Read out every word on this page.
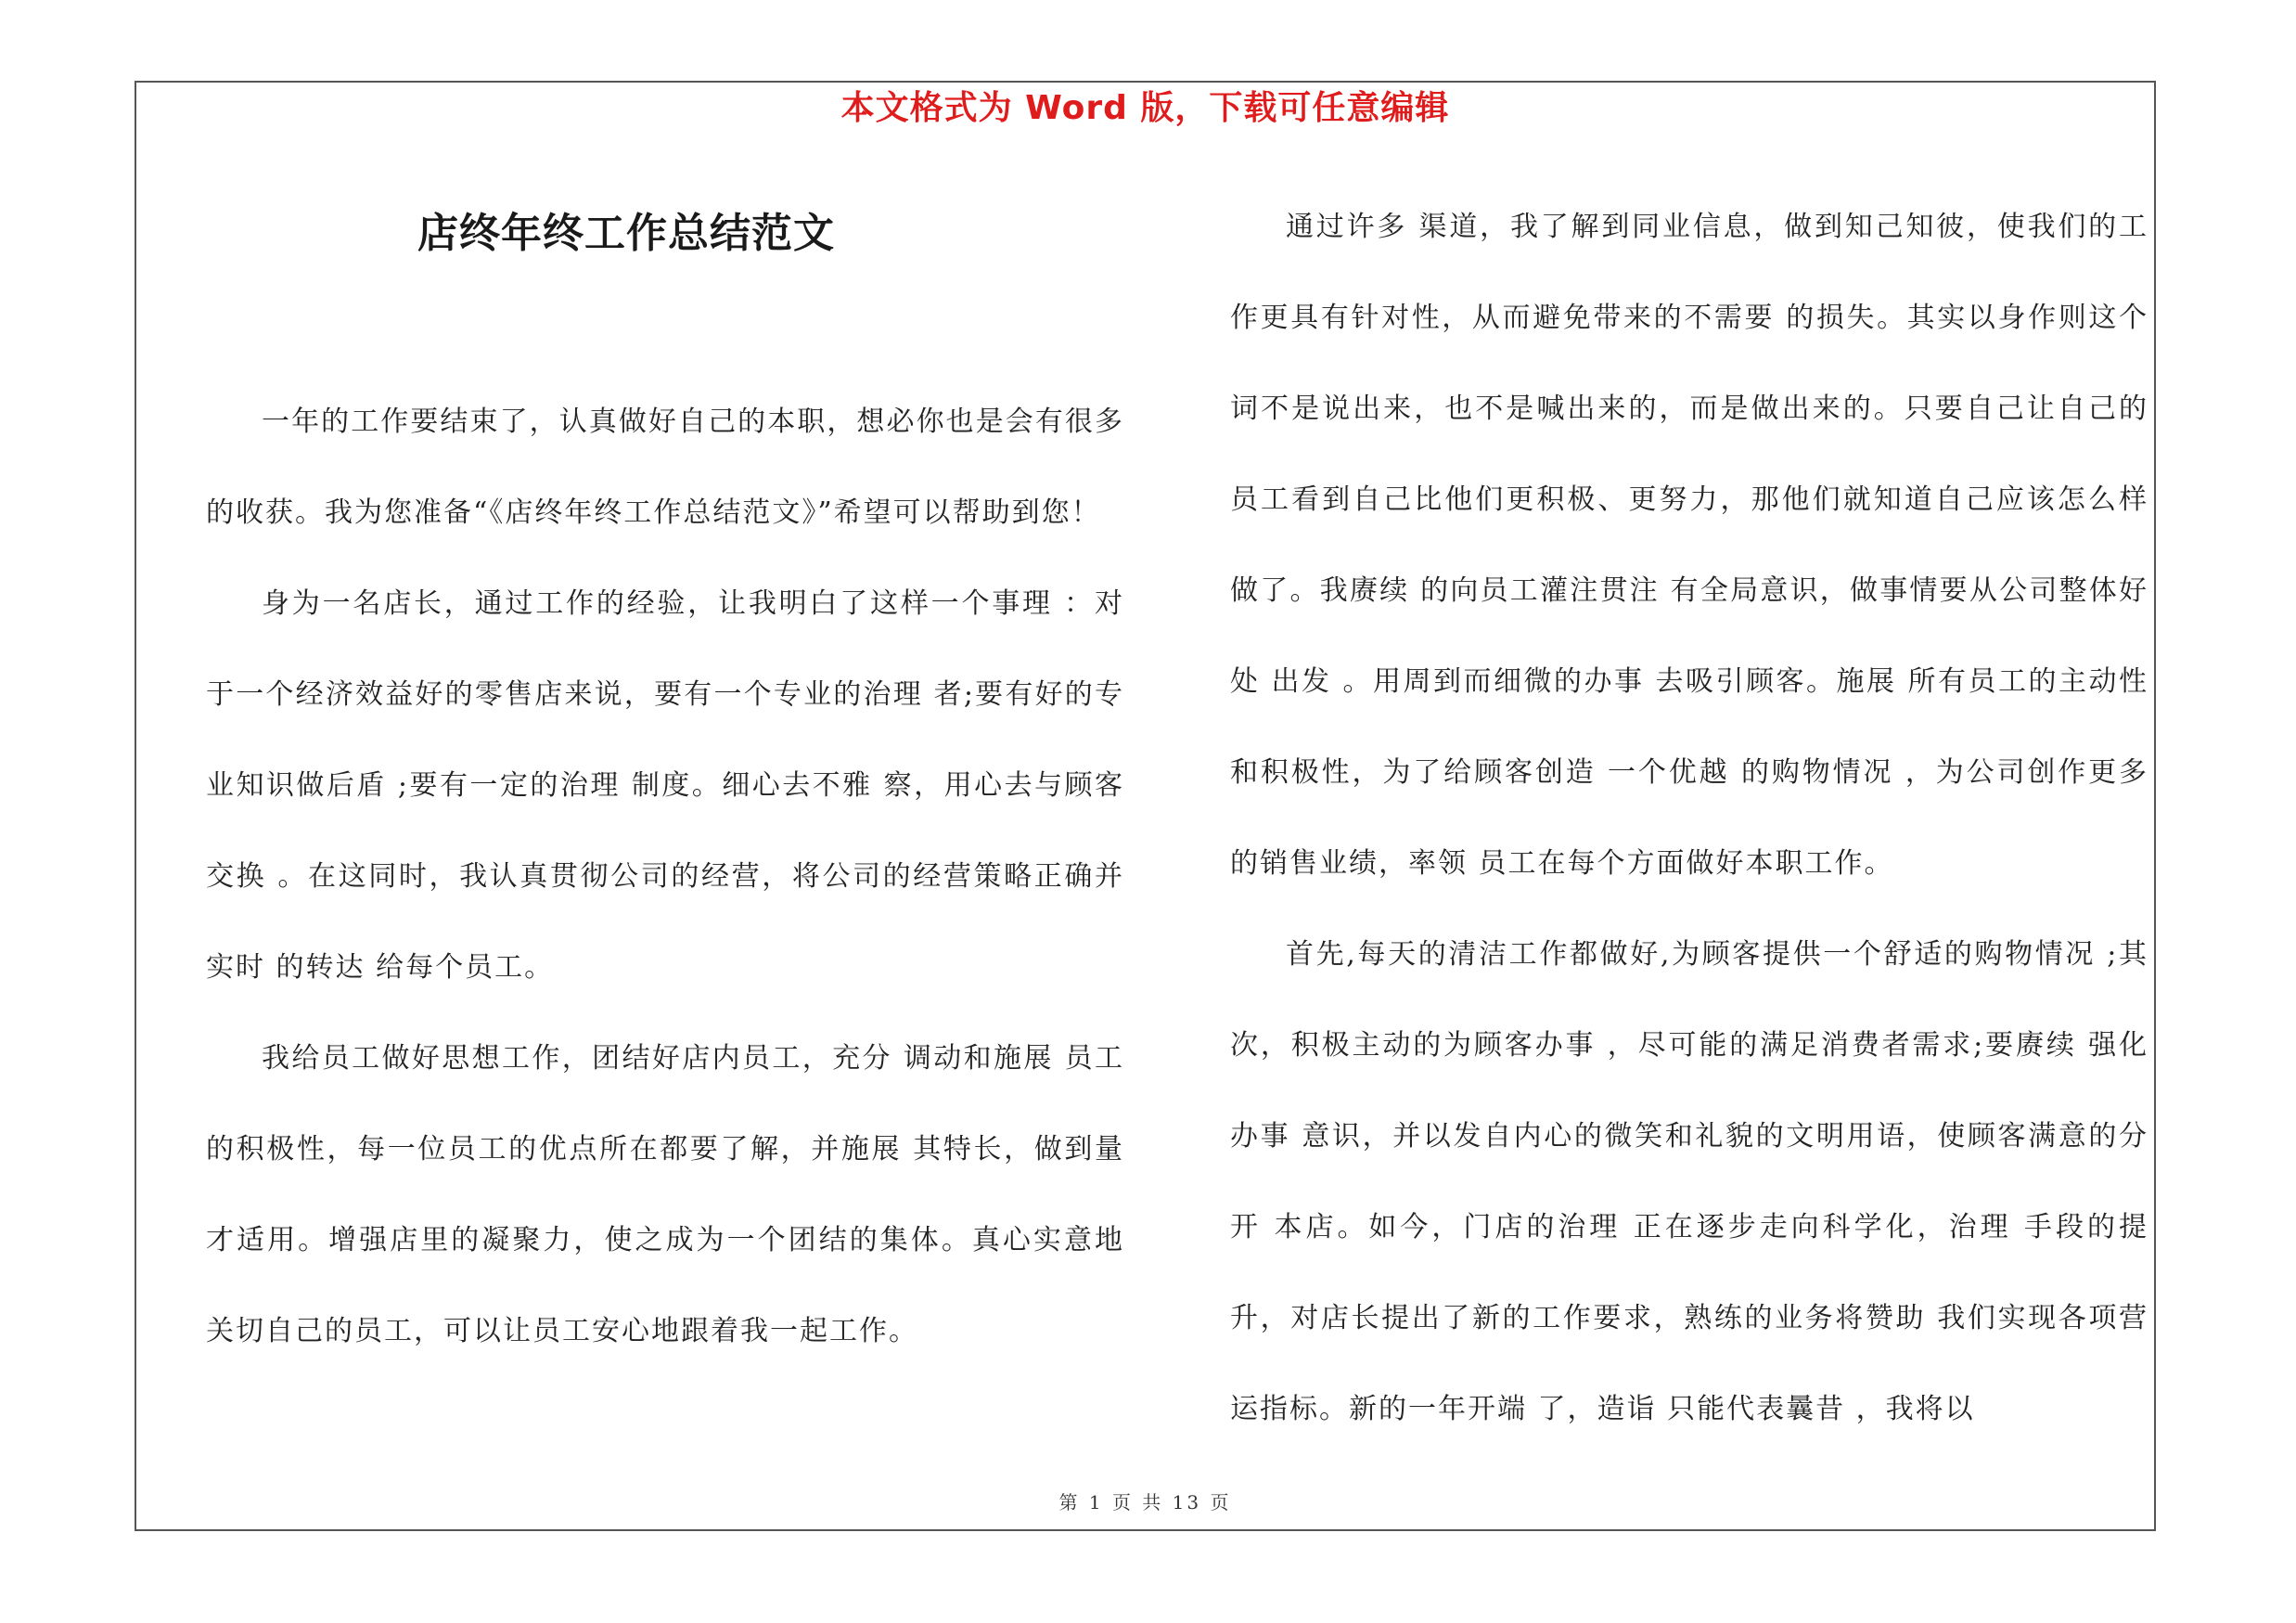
本文格式为 Word 版，下载可任意编辑
店终年终工作总结范文

一年的工作要结束了，认真做好自己的本职，想必你也是会有很多的收获。我为您准备“《店终年终工作总结范文》”希望可以帮助到您！

身为一名店长，通过工作的经验，让我明白了这样一个事理 ：对于一个经济效益好的零售店来说，要有一个专业的治理 者;要有好的专业知识做后盾 ;要有一定的治理 制度。细心去不雅 察，用心去与顾客交换 。在这同时，我认真贯彻公司的经营，将公司的经营策略正确并实时 的转达 给每个员工。

我给员工做好思想工作，团结好店内员工，充分 调动和施展 员工的积极性，每一位员工的优点所在都要了解，并施展 其特长，做到量才适用。增强店里的凝聚力，使之成为一个团结的集体。真心实意地关切自己的员工，可以让员工安心地跟着我一起工作。

通过许多 渠道，我了解到同业信息，做到知己知彼，使我们的工作更具有针对性，从而避免带来的不需要 的损失。其实以身作则这个词不是说出来，也不是喊出来的，而是做出来的。只要自己让自己的员工看到自己比他们更积极、更努力，那他们就知道自己应该怎么样做了。我赓续 的向员工灌注贯注 有全局意识，做事情要从公司整体好处 出发 。用周到而细微的办事 去吸引顾客。施展 所有员工的主动性和积极性，为了给顾客创造 一个优越 的购物情况 ，为公司创作更多的销售业绩，率领 员工在每个方面做好本职工作。

首先,每天的清洁工作都做好,为顾客提供一个舒适的购物情况 ;其次，积极主动的为顾客办事 ，尽可能的满足消费者需求;要赓续 强化办事 意识，并以发自内心的微笑和礼貌的文明用语，使顾客满意的分开 本店。如今，门店的治理 正在逐步走向科学化，治理 手段的提升，对店长提出了新的工作要求，熟练的业务将赞助 我们实现各项营运指标。新的一年开端 了，造诣 只能代表曩昔 ，我将以

第 1 页 共 13 页
